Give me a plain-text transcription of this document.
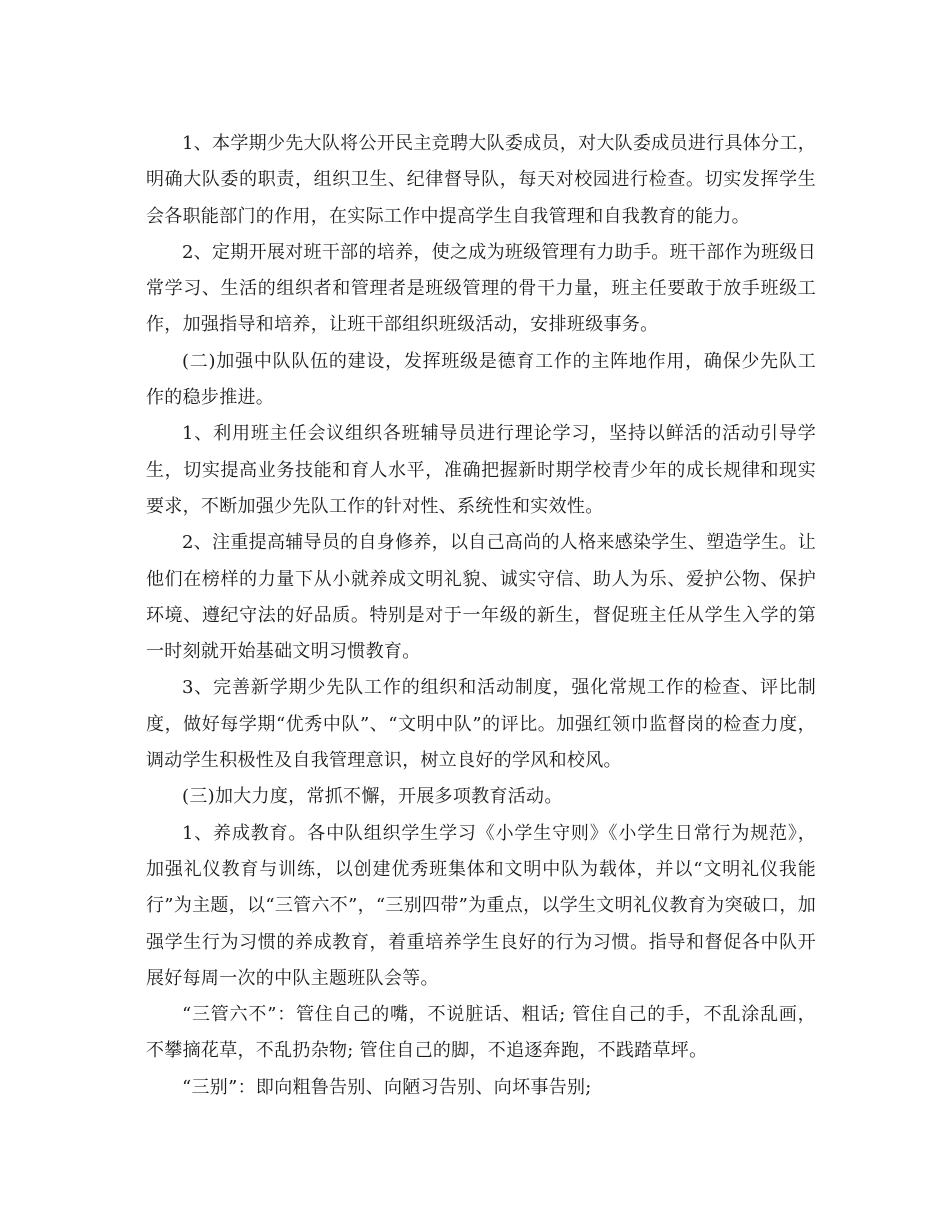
1、本学期少先大队将公开民主竞聘大队委成员，对大队委成员进行具体分工，明确大队委的职责，组织卫生、纪律督导队，每天对校园进行检查。切实发挥学生会各职能部门的作用，在实际工作中提高学生自我管理和自我教育的能力。

2、定期开展对班干部的培养，使之成为班级管理有力助手。班干部作为班级日常学习、生活的组织者和管理者是班级管理的骨干力量，班主任要敢于放手班级工作，加强指导和培养，让班干部组织班级活动，安排班级事务。

(二)加强中队队伍的建设，发挥班级是德育工作的主阵地作用，确保少先队工作的稳步推进。

1、利用班主任会议组织各班辅导员进行理论学习，坚持以鲜活的活动引导学生，切实提高业务技能和育人水平，准确把握新时期学校青少年的成长规律和现实要求，不断加强少先队工作的针对性、系统性和实效性。

2、注重提高辅导员的自身修养，以自己高尚的人格来感染学生、塑造学生。让他们在榜样的力量下从小就养成文明礼貌、诚实守信、助人为乐、爱护公物、保护环境、遵纪守法的好品质。特别是对于一年级的新生，督促班主任从学生入学的第一时刻就开始基础文明习惯教育。

3、完善新学期少先队工作的组织和活动制度，强化常规工作的检查、评比制度，做好每学期“优秀中队”、“文明中队”的评比。加强红领巾监督岗的检查力度，调动学生积极性及自我管理意识，树立良好的学风和校风。

(三)加大力度，常抓不懈，开展多项教育活动。

1、养成教育。各中队组织学生学习《小学生守则》《小学生日常行为规范》，加强礼仪教育与训练，以创建优秀班集体和文明中队为载体，并以“文明礼仪我能行”为主题，以“三管六不”，“三别四带”为重点，以学生文明礼仪教育为突破口，加强学生行为习惯的养成教育，着重培养学生良好的行为习惯。指导和督促各中队开展好每周一次的中队主题班队会等。

“三管六不”：管住自己的嘴，不说脏话、粗话; 管住自己的手，不乱涂乱画，不攀摘花草，不乱扔杂物; 管住自己的脚，不追逐奔跑，不践踏草坪。

“三别”：即向粗鲁告别、向陋习告别、向坏事告别;
